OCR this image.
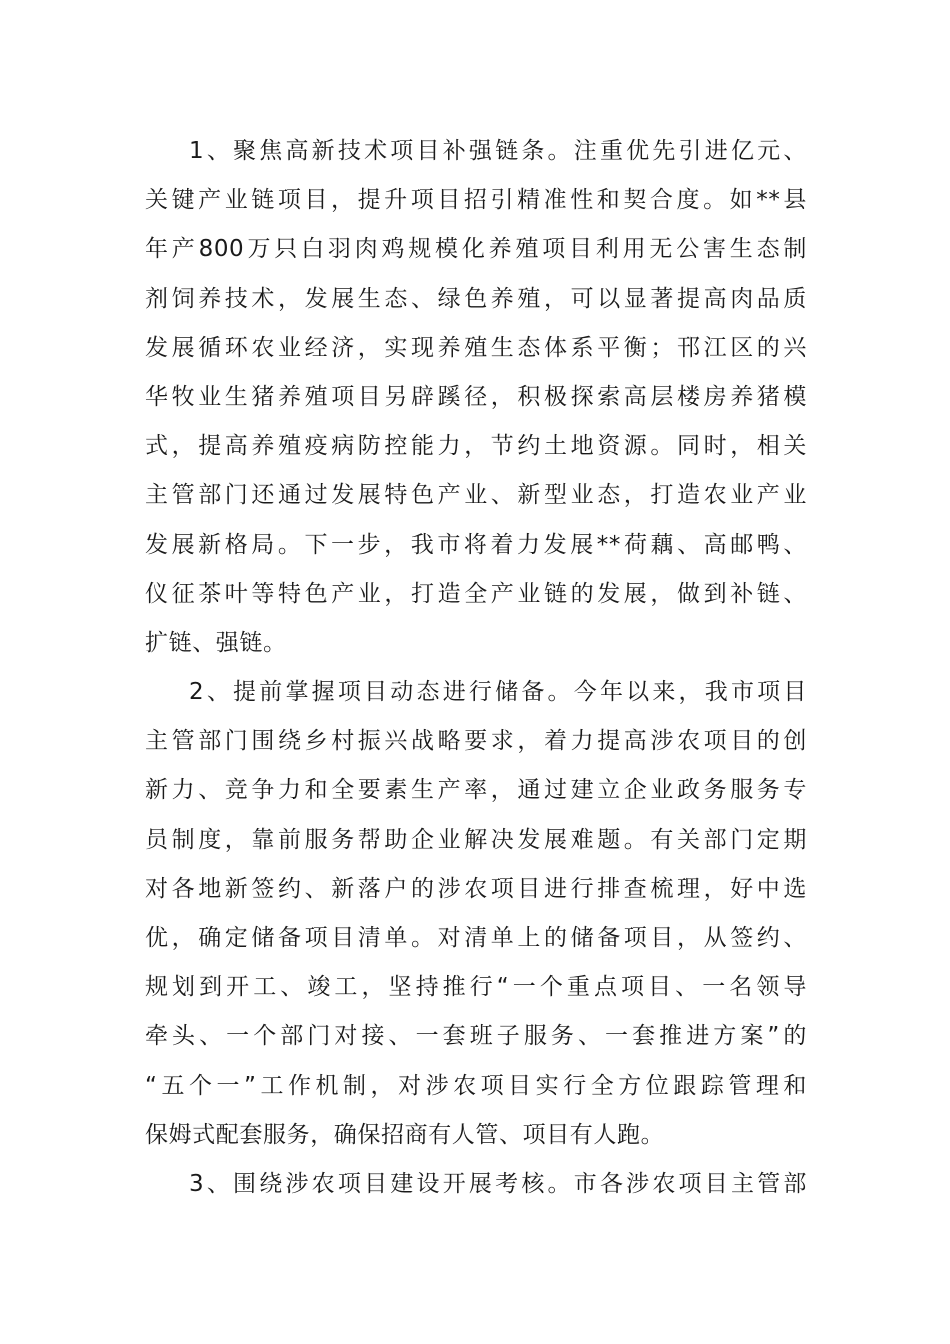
1、聚焦高新技术项目补强链条。注重优先引进亿元、
关键产业链项目，提升项目招引精准性和契合度。如**县
年产800万只白羽肉鸡规模化养殖项目利用无公害生态制
剂饲养技术，发展生态、绿色养殖，可以显著提高肉品质
发展循环农业经济，实现养殖生态体系平衡；邗江区的兴
华牧业生猪养殖项目另辟蹊径，积极探索高层楼房养猪模
式，提高养殖疫病防控能力，节约土地资源。同时，相关
主管部门还通过发展特色产业、新型业态，打造农业产业
发展新格局。下一步，我市将着力发展**荷藕、高邮鸭、
仪征茶叶等特色产业，打造全产业链的发展，做到补链、
扩链、强链。
2、提前掌握项目动态进行储备。今年以来，我市项目
主管部门围绕乡村振兴战略要求，着力提高涉农项目的创
新力、竞争力和全要素生产率，通过建立企业政务服务专
员制度，靠前服务帮助企业解决发展难题。有关部门定期
对各地新签约、新落户的涉农项目进行排查梳理，好中选
优，确定储备项目清单。对清单上的储备项目，从签约、
规划到开工、竣工，坚持推行“一个重点项目、一名领导
牵头、一个部门对接、一套班子服务、一套推进方案”的
“五个一”工作机制，对涉农项目实行全方位跟踪管理和
保姆式配套服务，确保招商有人管、项目有人跑。
3、围绕涉农项目建设开展考核。市各涉农项目主管部
